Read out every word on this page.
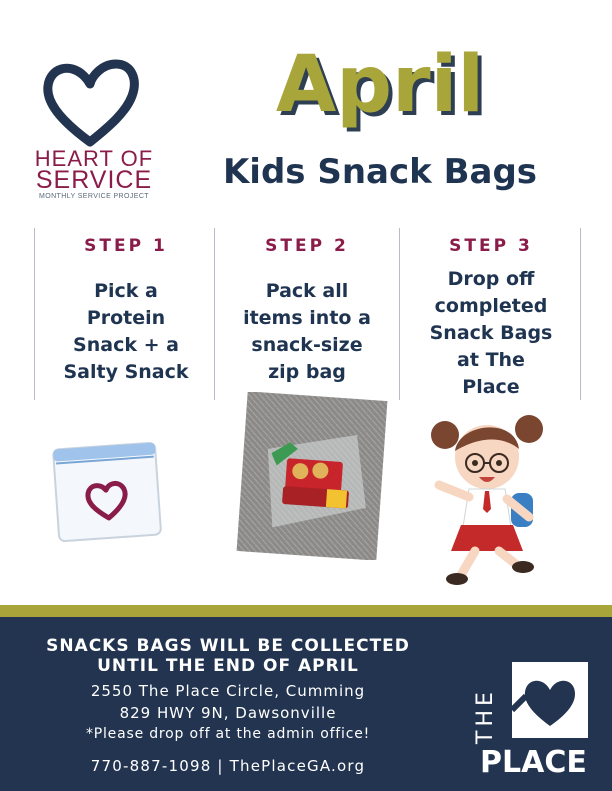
HEART OF
SERVICE
MONTHLY SERVICE PROJECT
April
Kids Snack Bags
STEP 1
Pick a
Protein
Snack + a
Salty Snack
STEP 2
Pack all
items into a
snack-size
zip bag
STEP 3
Drop off
completed
Snack Bags
at The
Place
SNACKS BAGS WILL BE COLLECTED
UNTIL THE END OF APRIL
2550 The Place Circle, Cumming
829 HWY 9N, Dawsonville
*Please drop off at the admin office!
770-887-1098 | ThePlaceGA.org
THE
PLACE
